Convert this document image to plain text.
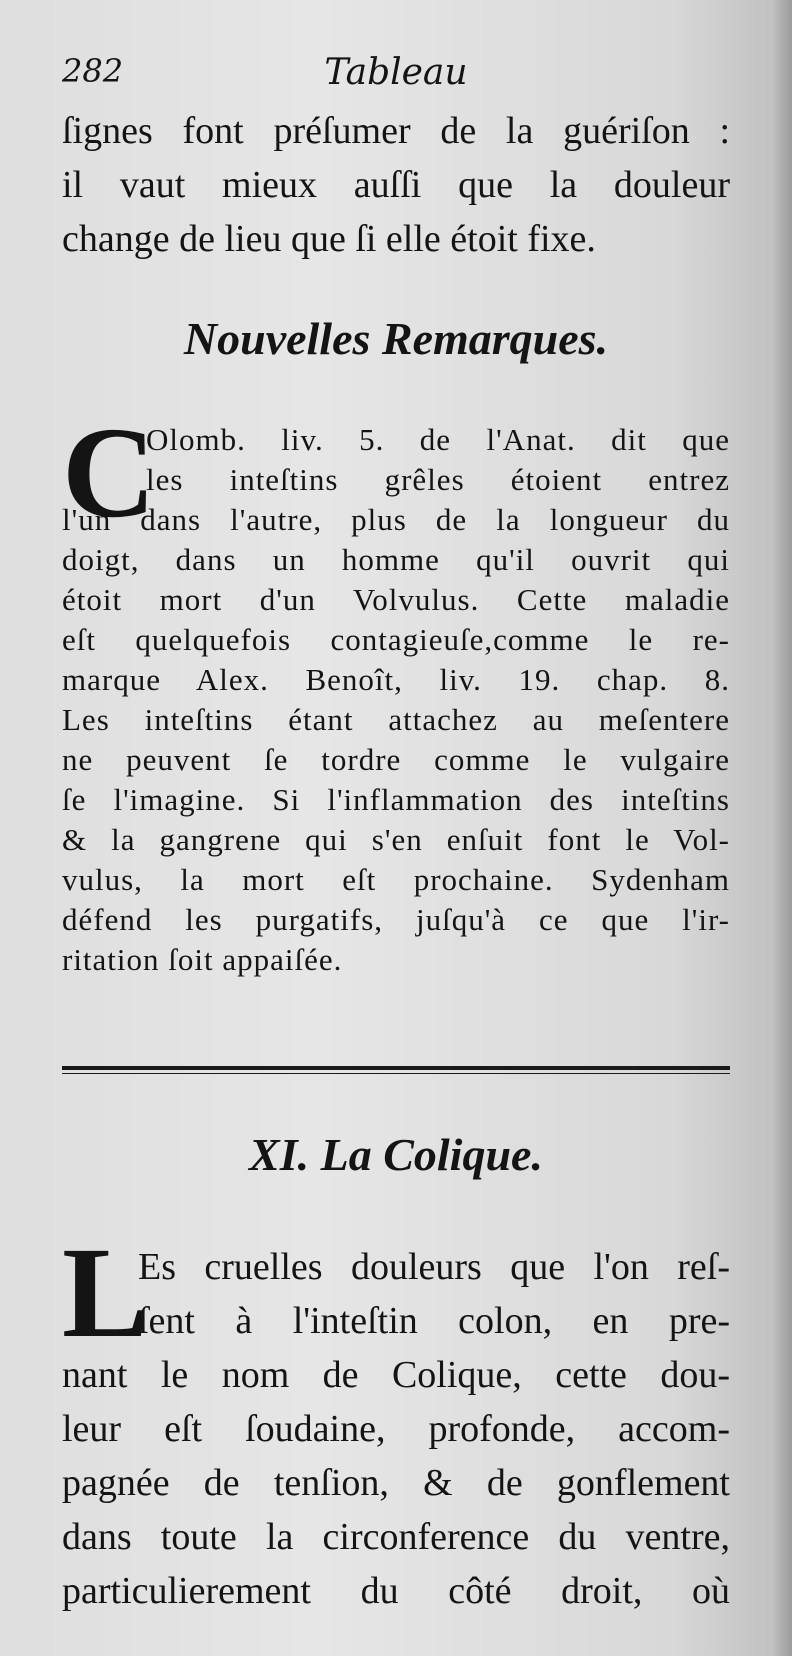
282	Tableau
ſignes font préſumer de la guériſon :
il vaut mieux auſſi que la douleur
change de lieu que ſi elle étoit fixe.
Nouvelles Remarques.
C
Olomb. liv. 5. de l'Anat. dit que
les inteſtins grêles étoient entrez
l'un dans l'autre, plus de la longueur du
doigt, dans un homme qu'il ouvrit qui
étoit mort d'un Volvulus. Cette maladie
eſt quelquefois contagieuſe,comme le re-
marque Alex. Benoît, liv. 19. chap. 8.
Les inteſtins étant attachez au meſentere
ne peuvent ſe tordre comme le vulgaire
ſe l'imagine. Si l'inflammation des inteſtins
& la gangrene qui s'en enſuit font le Vol-
vulus, la mort eſt prochaine. Sydenham
défend les purgatifs, juſqu'à ce que l'ir-
ritation ſoit appaiſée.
XI. La Colique.
L
Es cruelles douleurs que l'on reſ-
ſent à l'inteſtin colon, en pre-
nant le nom de Colique, cette dou-
leur eſt ſoudaine, profonde, accom-
pagnée de tenſion, & de gonflement
dans toute la circonference du ventre,
particulierement du côté droit, où
